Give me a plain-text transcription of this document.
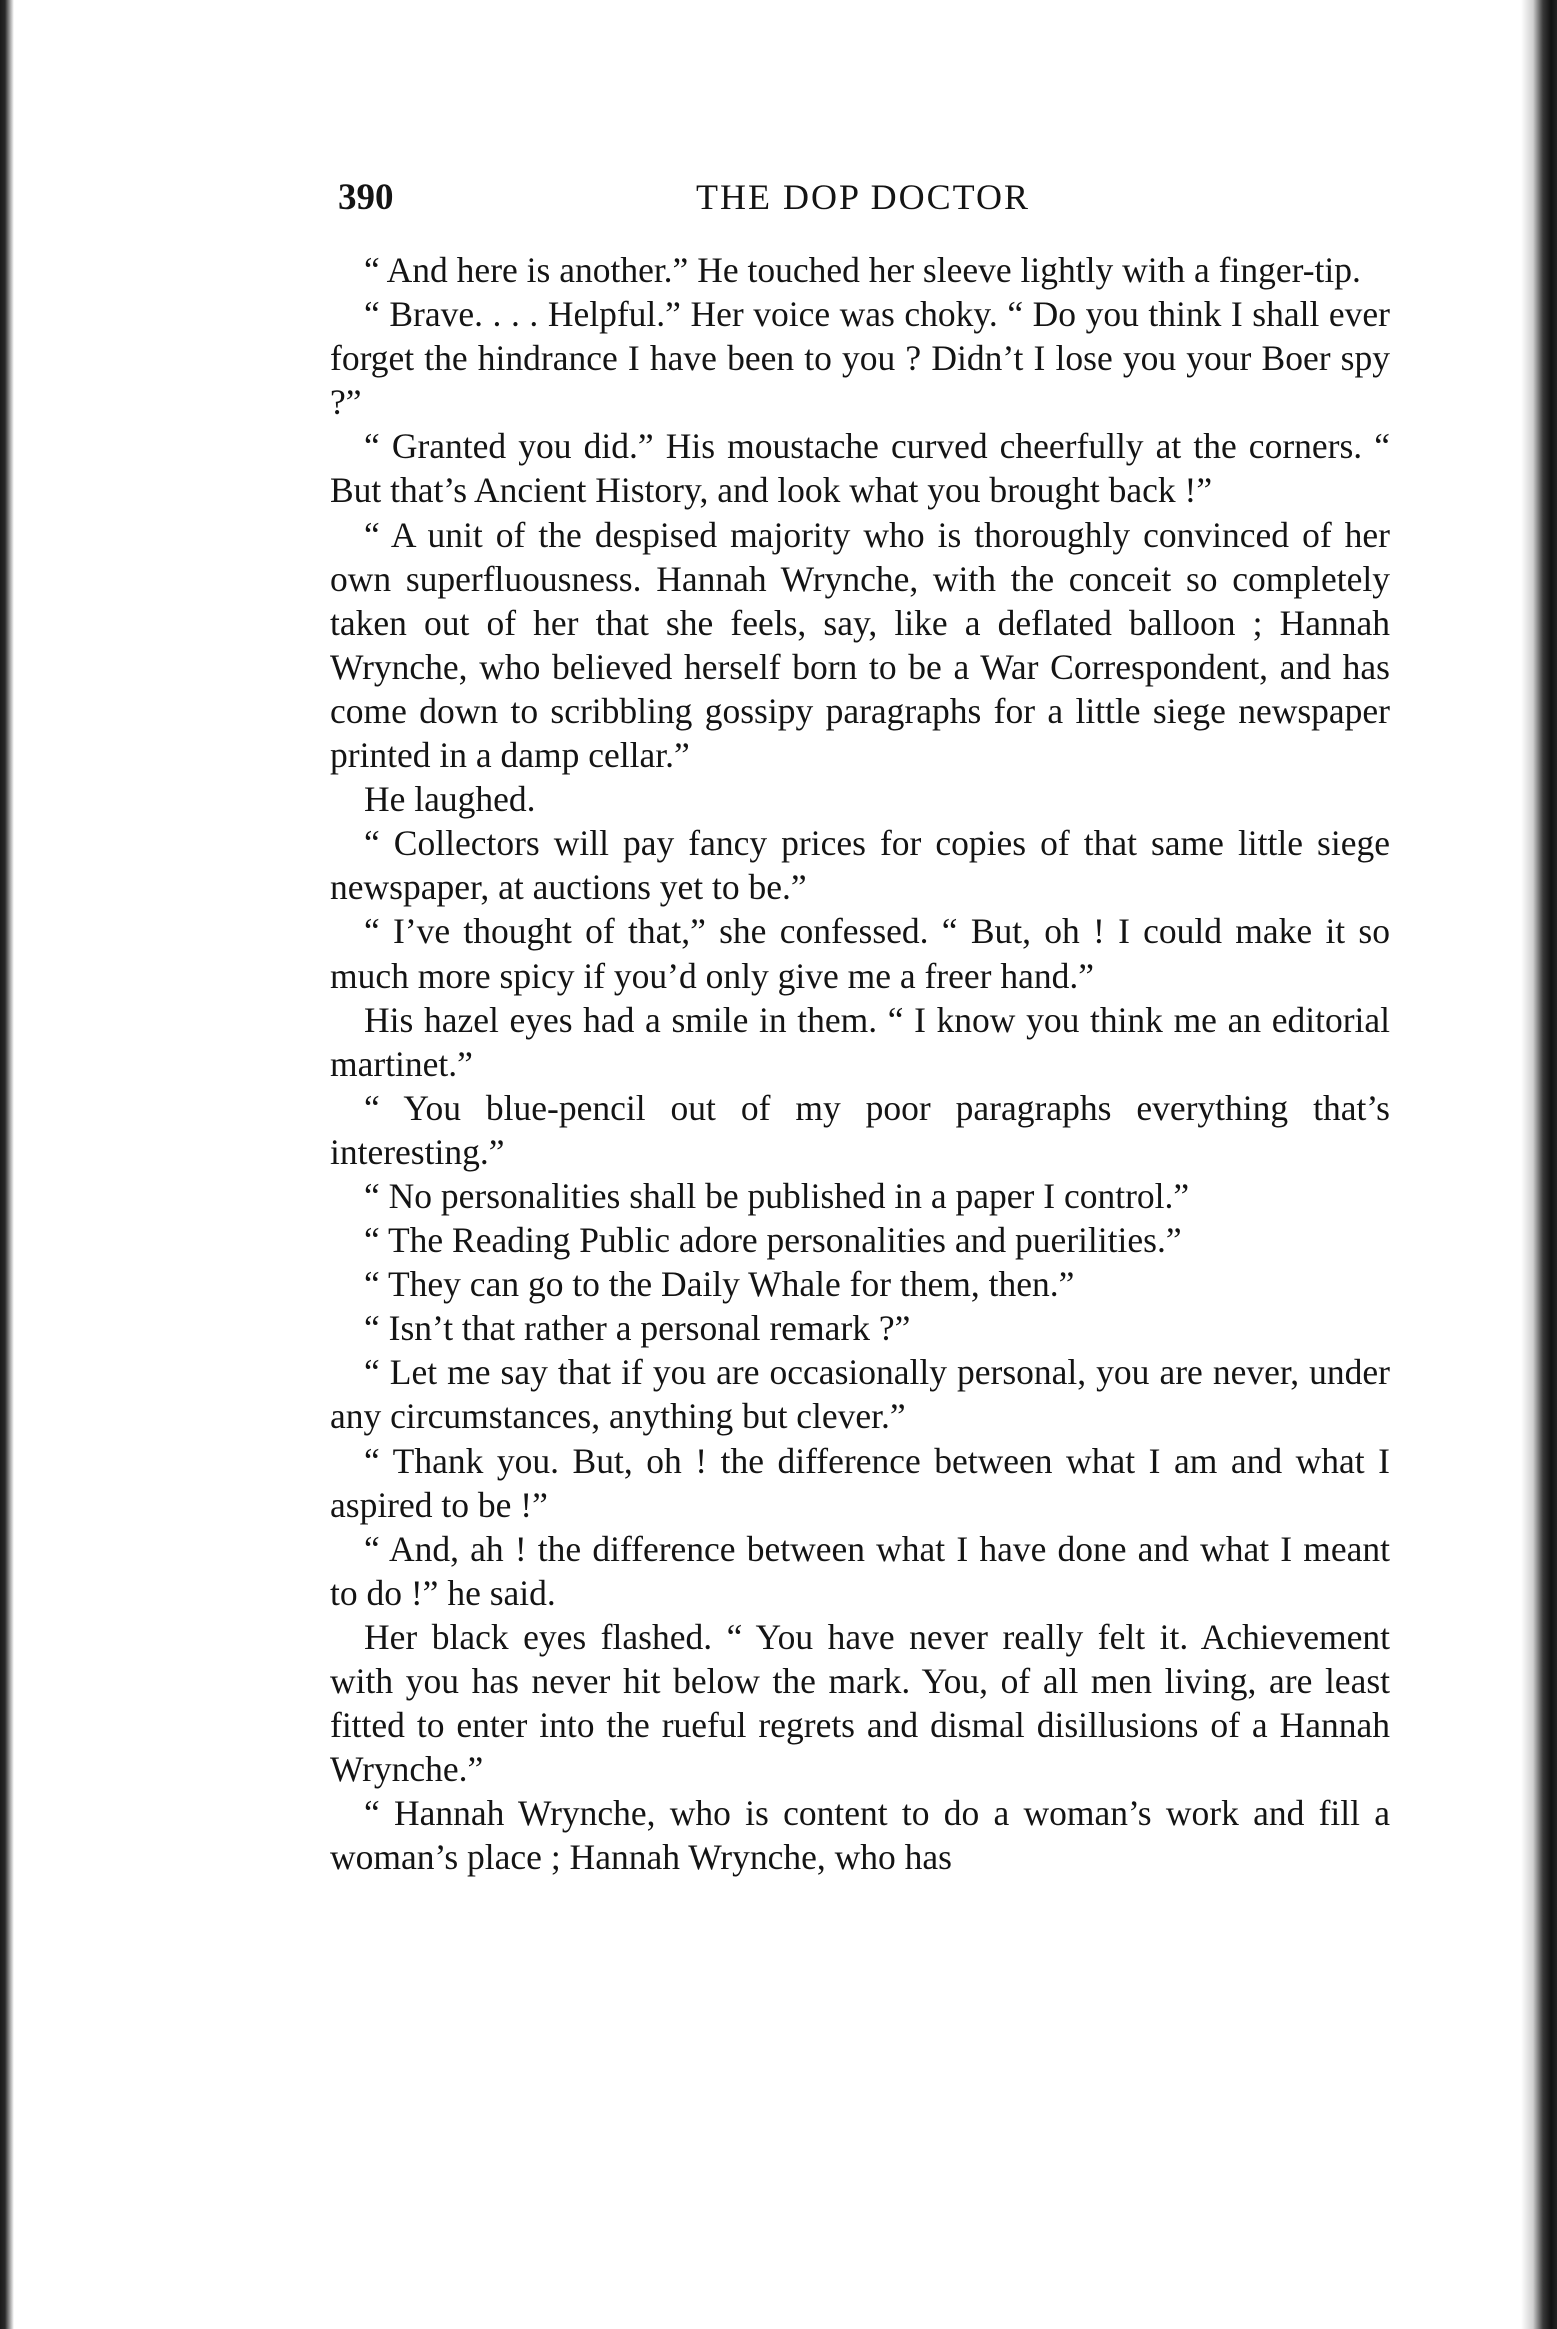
390	THE DOP DOCTOR

“ And here is another.” He touched her sleeve lightly with a finger-tip.

“ Brave. . . . Helpful.” Her voice was choky. “ Do you think I shall ever forget the hindrance I have been to you ? Didn’t I lose you your Boer spy ?”

“ Granted you did.” His moustache curved cheerfully at the corners. “ But that’s Ancient History, and look what you brought back !”

“ A unit of the despised majority who is thoroughly convinced of her own superfluousness. Hannah Wrynche, with the conceit so completely taken out of her that she feels, say, like a deflated balloon ; Hannah Wrynche, who believed herself born to be a War Correspondent, and has come down to scribbling gossipy paragraphs for a little siege newspaper printed in a damp cellar.”

He laughed.

“ Collectors will pay fancy prices for copies of that same little siege newspaper, at auctions yet to be.”

“ I’ve thought of that,” she confessed. “ But, oh ! I could make it so much more spicy if you’d only give me a freer hand.”

His hazel eyes had a smile in them. “ I know you think me an editorial martinet.”

“ You blue-pencil out of my poor paragraphs everything that’s interesting.”

“ No personalities shall be published in a paper I control.”

“ The Reading Public adore personalities and puerilities.”

“ They can go to the Daily Whale for them, then.”

“ Isn’t that rather a personal remark ?”

“ Let me say that if you are occasionally personal, you are never, under any circumstances, anything but clever.”

“ Thank you. But, oh ! the difference between what I am and what I aspired to be !”

“ And, ah ! the difference between what I have done and what I meant to do !” he said.

Her black eyes flashed. “ You have never really felt it. Achievement with you has never hit below the mark. You, of all men living, are least fitted to enter into the rueful regrets and dismal disillusions of a Hannah Wrynche.”

“ Hannah Wrynche, who is content to do a woman’s work and fill a woman’s place ; Hannah Wrynche, who has
